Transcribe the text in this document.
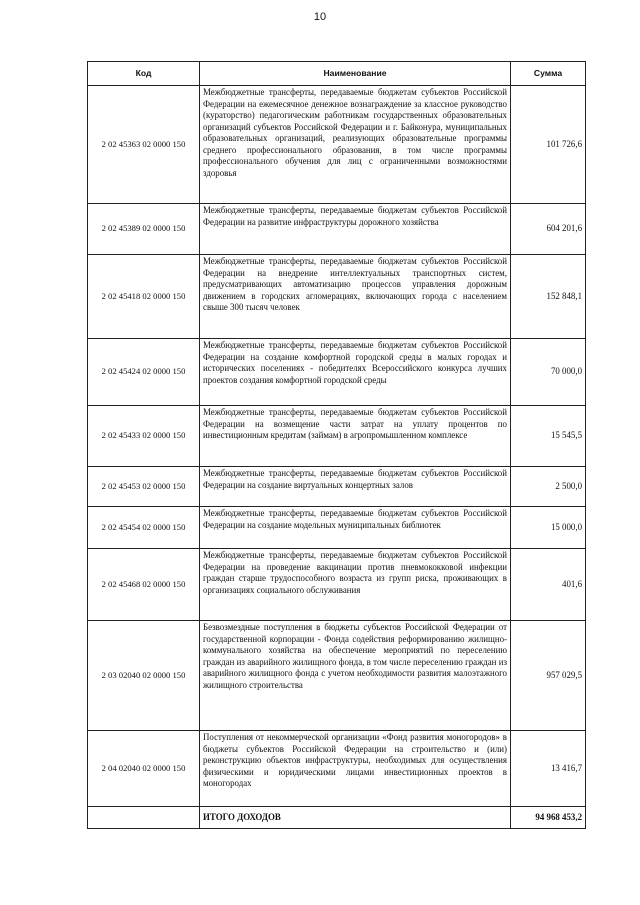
10
Код	Наименование	Сумма
2 02 45363 02 0000 150	Межбюджетные трансферты, передаваемые бюджетам субъектов Российской Федерации на ежемесячное денежное вознаграждение за классное руководство (кураторство) педагогическим работникам государственных образовательных организаций субъектов Российской Федерации и г. Байконура, муниципальных образовательных организаций, реализующих образовательные программы среднего профессионального образования, в том числе программы профессионального обучения для лиц с ограниченными возможностями здоровья	101 726,6
2 02 45389 02 0000 150	Межбюджетные трансферты, передаваемые бюджетам субъектов Российской Федерации на развитие инфраструктуры дорожного хозяйства	604 201,6
2 02 45418 02 0000 150	Межбюджетные трансферты, передаваемые бюджетам субъектов Российской Федерации на внедрение интеллектуальных транспортных систем, предусматривающих автоматизацию процессов управления дорожным движением в городских агломерациях, включающих города с населением свыше 300 тысяч человек	152 848,1
2 02 45424 02 0000 150	Межбюджетные трансферты, передаваемые бюджетам субъектов Российской Федерации на создание комфортной городской среды в малых городах и исторических поселениях - победителях Всероссийского конкурса лучших проектов создания комфортной городской среды	70 000,0
2 02 45433 02 0000 150	Межбюджетные трансферты, передаваемые бюджетам субъектов Российской Федерации на возмещение части затрат на уплату процентов по инвестиционным кредитам (займам) в агропромышленном комплексе	15 545,5
2 02 45453 02 0000 150	Межбюджетные трансферты, передаваемые бюджетам субъектов Российской Федерации на создание виртуальных концертных залов	2 500,0
2 02 45454 02 0000 150	Межбюджетные трансферты, передаваемые бюджетам субъектов Российской Федерации на создание модельных муниципальных библиотек	15 000,0
2 02 45468 02 0000 150	Межбюджетные трансферты, передаваемые бюджетам субъектов Российской Федерации на проведение вакцинации против пневмококковой инфекции граждан старше трудоспособного возраста из групп риска, проживающих в организациях социального обслуживания	401,6
2 03 02040 02 0000 150	Безвозмездные поступления в бюджеты субъектов Российской Федерации от государственной корпорации - Фонда содействия реформированию жилищно-коммунального хозяйства на обеспечение мероприятий по переселению граждан из аварийного жилищного фонда, в том числе переселению граждан из аварийного жилищного фонда с учетом необходимости развития малоэтажного жилищного строительства	957 029,5
2 04 02040 02 0000 150	Поступления от некоммерческой организации «Фонд развития моногородов» в бюджеты субъектов Российской Федерации на строительство и (или) реконструкцию объектов инфраструктуры, необходимых для осуществления физическими и юридическими лицами инвестиционных проектов в моногородах	13 416,7
	ИТОГО ДОХОДОВ	94 968 453,2
